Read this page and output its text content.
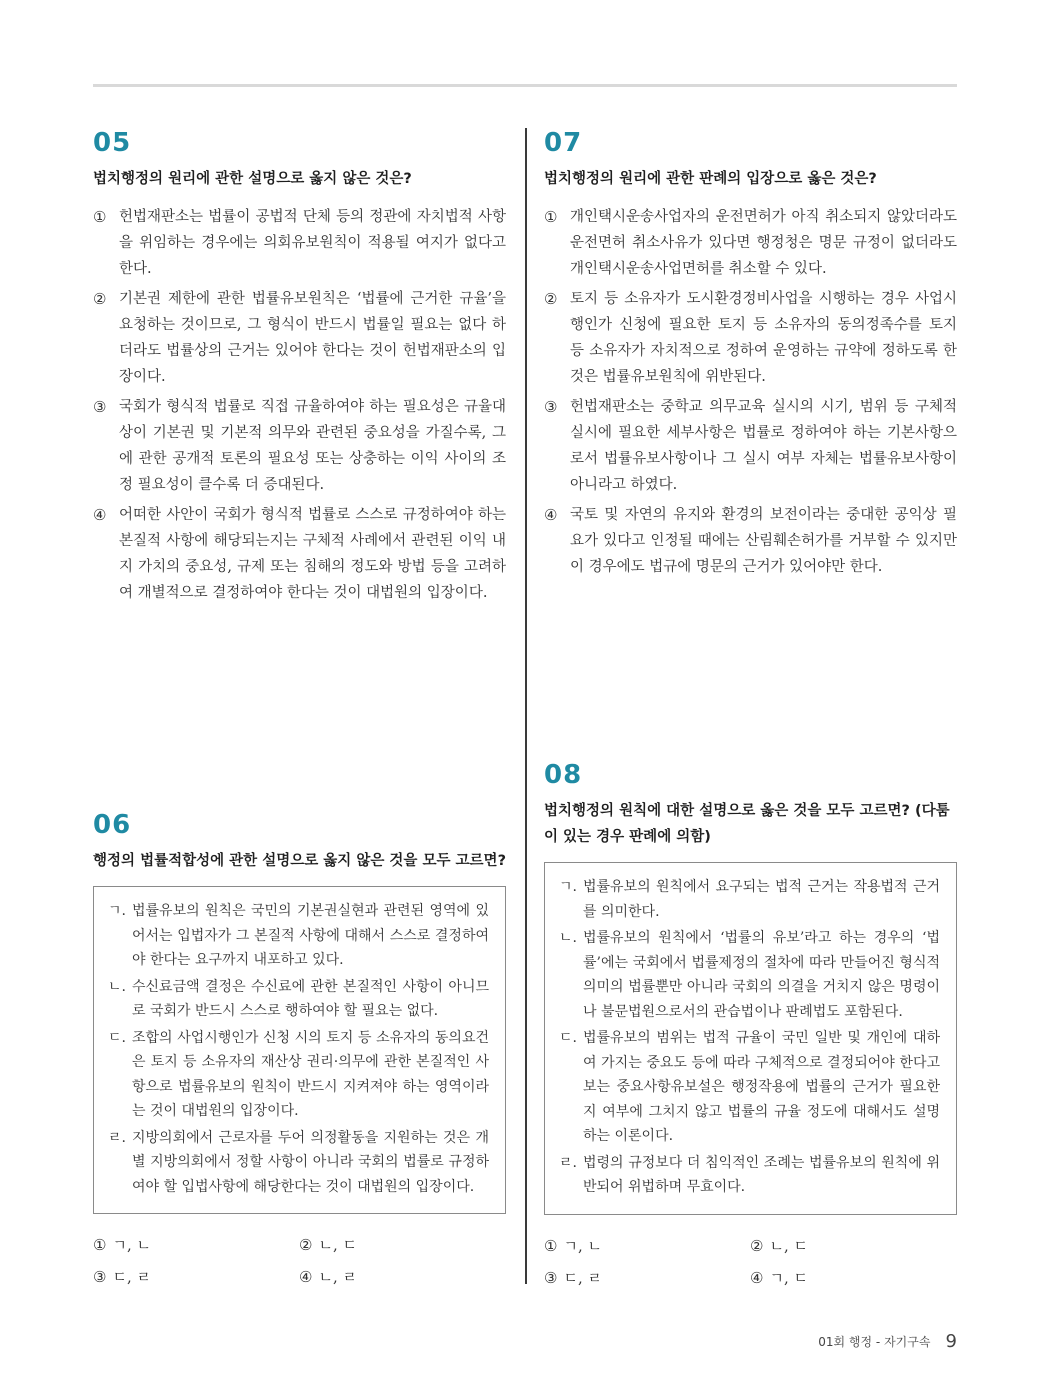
05
법치행정의 원리에 관한 설명으로 옳지 않은 것은?
① 헌법재판소는 법률이 공법적 단체 등의 정관에 자치법적 사항을 위임하는 경우에는 의회유보원칙이 적용될 여지가 없다고 한다.
② 기본권 제한에 관한 법률유보원칙은 ‘법률에 근거한 규율’을 요청하는 것이므로, 그 형식이 반드시 법률일 필요는 없다 하더라도 법률상의 근거는 있어야 한다는 것이 헌법재판소의 입장이다.
③ 국회가 형식적 법률로 직접 규율하여야 하는 필요성은 규율대상이 기본권 및 기본적 의무와 관련된 중요성을 가질수록, 그에 관한 공개적 토론의 필요성 또는 상충하는 이익 사이의 조정 필요성이 클수록 더 증대된다.
④ 어떠한 사안이 국회가 형식적 법률로 스스로 규정하여야 하는 본질적 사항에 해당되는지는 구체적 사례에서 관련된 이익 내지 가치의 중요성, 규제 또는 침해의 정도와 방법 등을 고려하여 개별적으로 결정하여야 한다는 것이 대법원의 입장이다.
06
행정의 법률적합성에 관한 설명으로 옳지 않은 것을 모두 고르면?
ㄱ. 법률유보의 원칙은 국민의 기본권실현과 관련된 영역에 있어서는 입법자가 그 본질적 사항에 대해서 스스로 결정하여야 한다는 요구까지 내포하고 있다.
ㄴ. 수신료금액 결정은 수신료에 관한 본질적인 사항이 아니므로 국회가 반드시 스스로 행하여야 할 필요는 없다.
ㄷ. 조합의 사업시행인가 신청 시의 토지 등 소유자의 동의요건은 토지 등 소유자의 재산상 권리·의무에 관한 본질적인 사항으로 법률유보의 원칙이 반드시 지켜져야 하는 영역이라는 것이 대법원의 입장이다.
ㄹ. 지방의회에서 근로자를 두어 의정활동을 지원하는 것은 개별 지방의회에서 정할 사항이 아니라 국회의 법률로 규정하여야 할 입법사항에 해당한다는 것이 대법원의 입장이다.
① ㄱ, ㄴ	② ㄴ, ㄷ
③ ㄷ, ㄹ	④ ㄴ, ㄹ
07
법치행정의 원리에 관한 판례의 입장으로 옳은 것은?
① 개인택시운송사업자의 운전면허가 아직 취소되지 않았더라도 운전면허 취소사유가 있다면 행정청은 명문 규정이 없더라도 개인택시운송사업면허를 취소할 수 있다.
② 토지 등 소유자가 도시환경정비사업을 시행하는 경우 사업시행인가 신청에 필요한 토지 등 소유자의 동의정족수를 토지 등 소유자가 자치적으로 정하여 운영하는 규약에 정하도록 한 것은 법률유보원칙에 위반된다.
③ 헌법재판소는 중학교 의무교육 실시의 시기, 범위 등 구체적 실시에 필요한 세부사항은 법률로 정하여야 하는 기본사항으로서 법률유보사항이나 그 실시 여부 자체는 법률유보사항이 아니라고 하였다.
④ 국토 및 자연의 유지와 환경의 보전이라는 중대한 공익상 필요가 있다고 인정될 때에는 산림훼손허가를 거부할 수 있지만 이 경우에도 법규에 명문의 근거가 있어야만 한다.
08
법치행정의 원칙에 대한 설명으로 옳은 것을 모두 고르면? (다툼이 있는 경우 판례에 의함)
ㄱ. 법률유보의 원칙에서 요구되는 법적 근거는 작용법적 근거를 의미한다.
ㄴ. 법률유보의 원칙에서 ‘법률의 유보’라고 하는 경우의 ‘법률’에는 국회에서 법률제정의 절차에 따라 만들어진 형식적 의미의 법률뿐만 아니라 국회의 의결을 거치지 않은 명령이나 불문법원으로서의 관습법이나 판례법도 포함된다.
ㄷ. 법률유보의 범위는 법적 규율이 국민 일반 및 개인에 대하여 가지는 중요도 등에 따라 구체적으로 결정되어야 한다고 보는 중요사항유보설은 행정작용에 법률의 근거가 필요한지 여부에 그치지 않고 법률의 규율 정도에 대해서도 설명하는 이론이다.
ㄹ. 법령의 규정보다 더 침익적인 조례는 법률유보의 원칙에 위반되어 위법하며 무효이다.
① ㄱ, ㄴ	② ㄴ, ㄷ
③ ㄷ, ㄹ	④ ㄱ, ㄷ
01회 행정 - 자기구속 9
